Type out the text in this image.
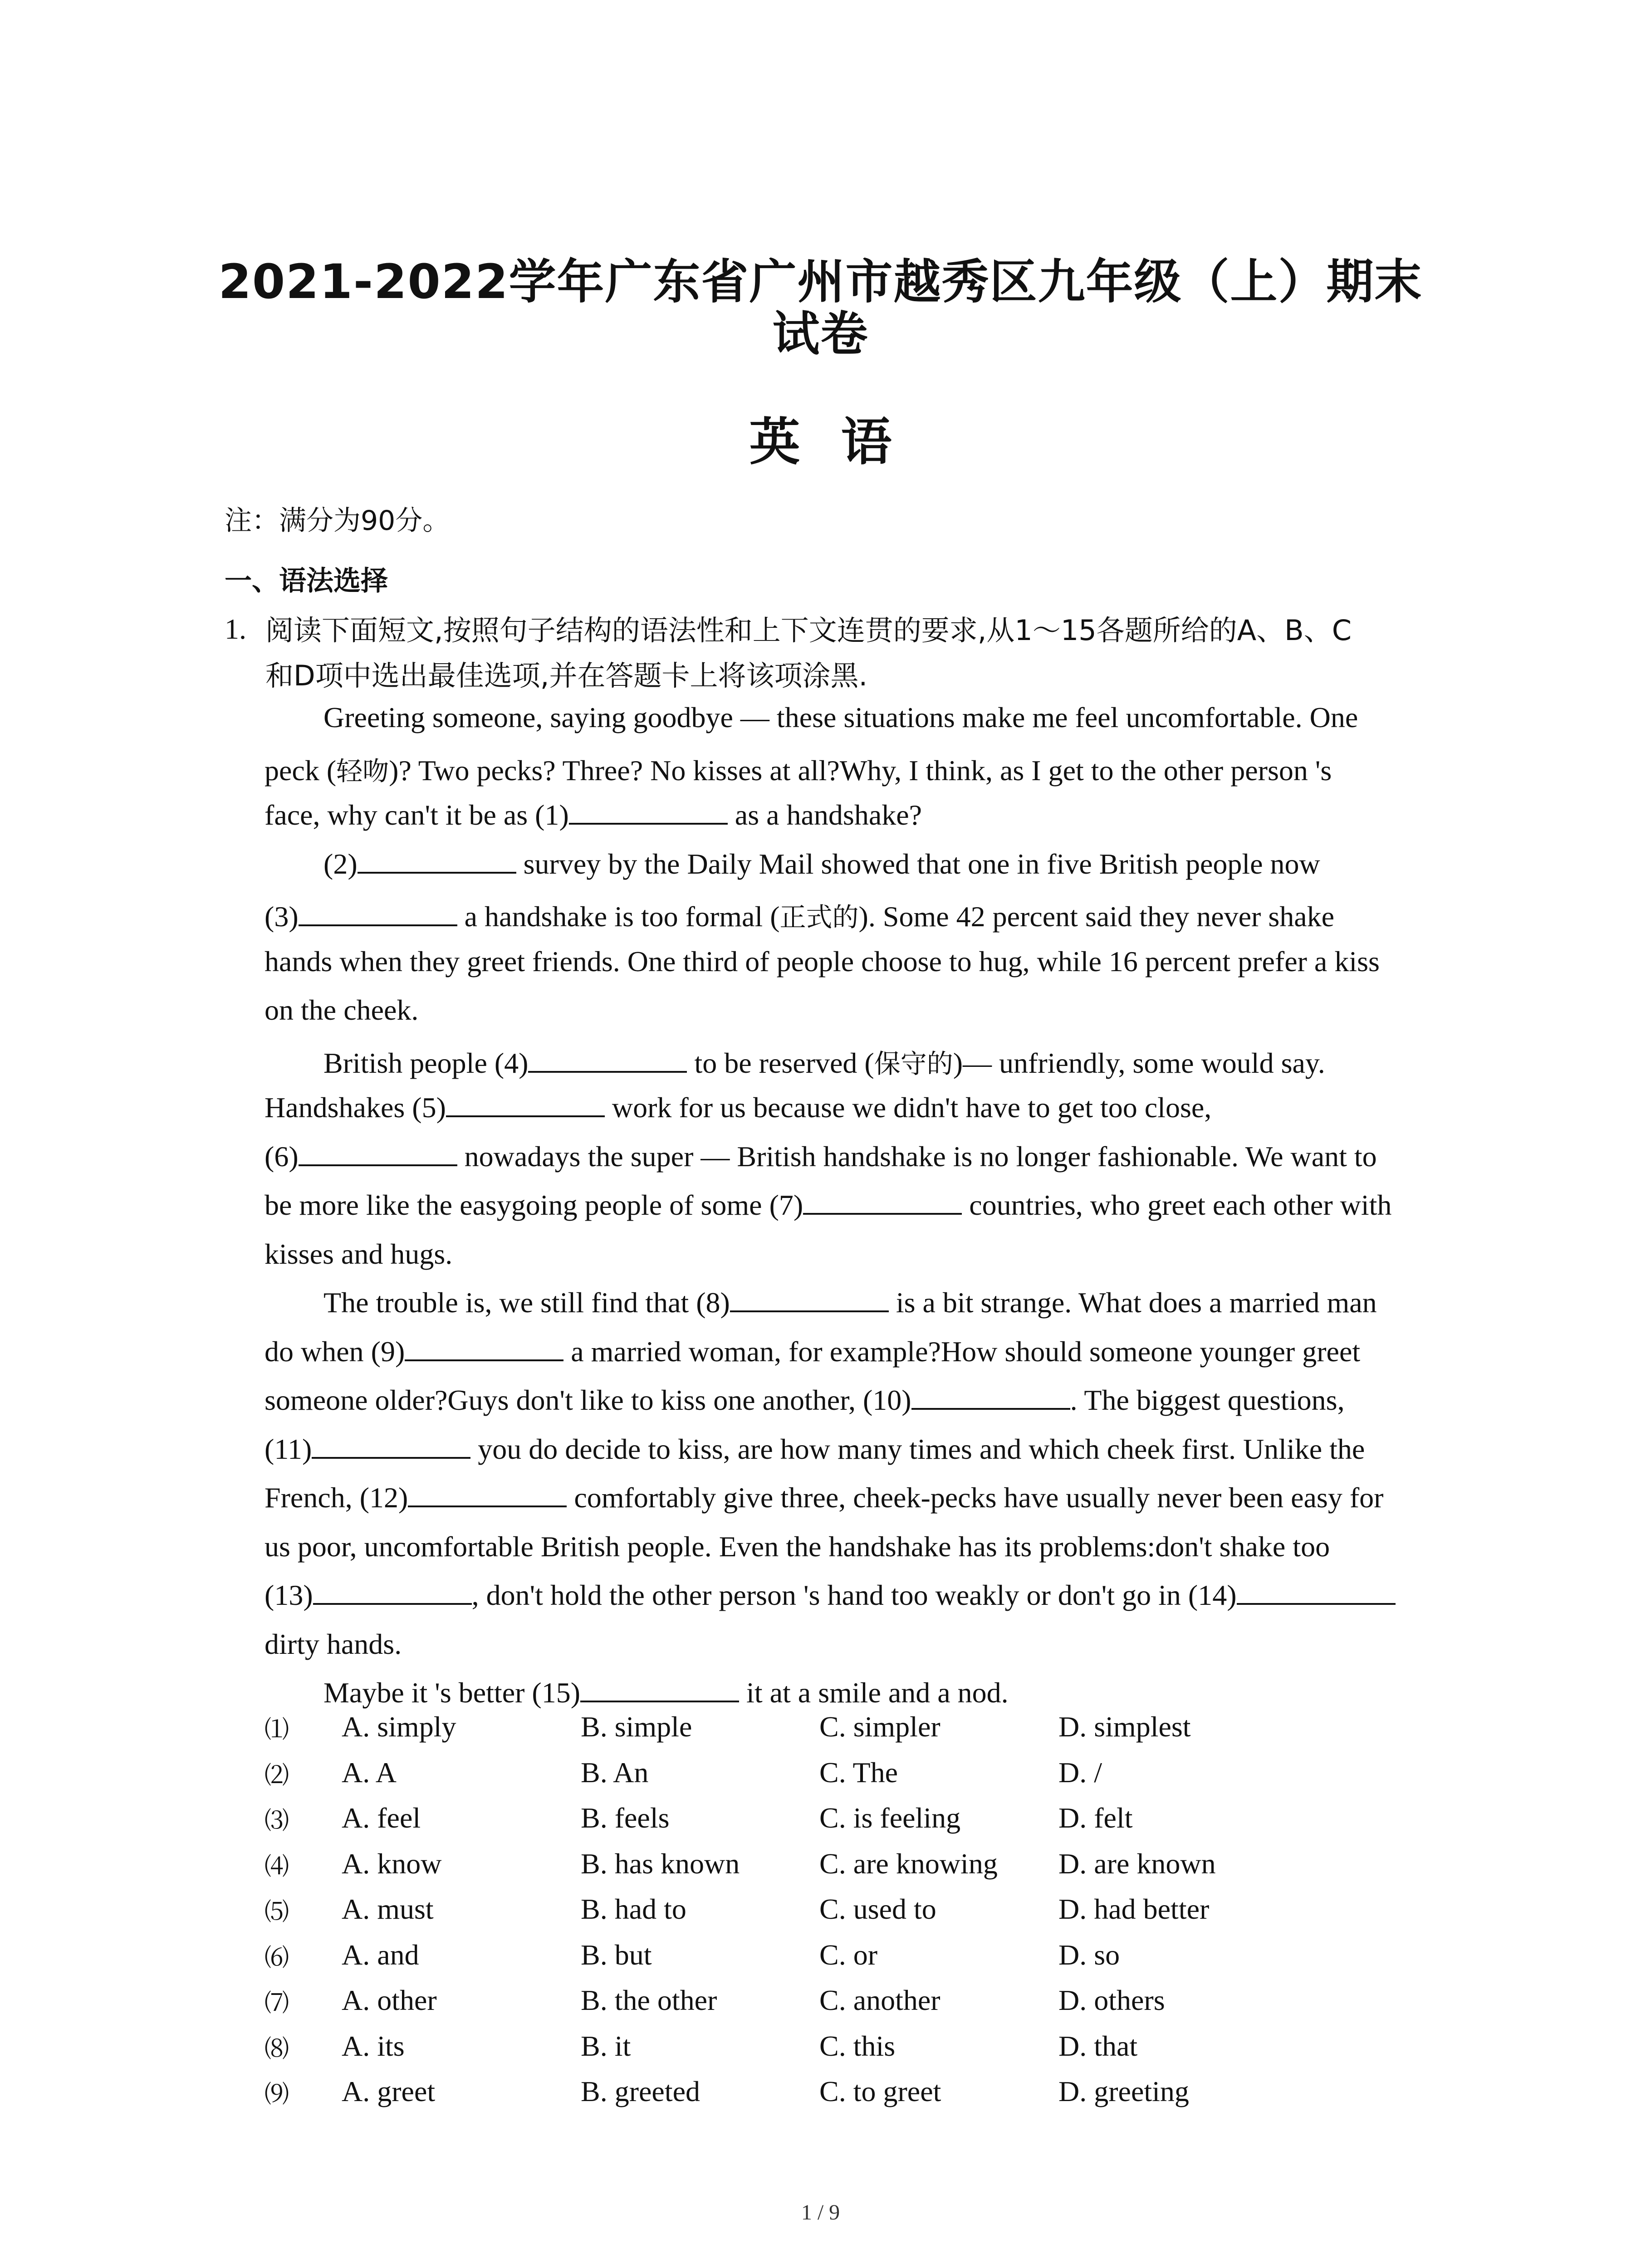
2021-2022学年广东省广州市越秀区九年级（上）期末
试卷
英语
注：满分为90分。
一、语法选择
1. 阅读下面短文,按照句子结构的语法性和上下文连贯的要求,从1～15各题所给的A、B、C
和D项中选出最佳选项,并在答题卡上将该项涂黑.
Greeting someone, saying goodbye — these situations make me feel uncomfortable. One
peck (轻吻)? Two pecks? Three? No kisses at all?Why, I think, as I get to the other person 's
face, why can't it be as (1)	as a handshake?
(2)	survey by the Daily Mail showed that one in five British people now
(3)	a handshake is too formal (正式的). Some 42 percent said they never shake
hands when they greet friends. One third of people choose to hug, while 16 percent prefer a kiss
on the cheek.
British people (4)	to be reserved (保守的)— unfriendly, some would say.
Handshakes (5)	work for us because we didn't have to get too close,
(6)	nowadays the super — British handshake is no longer fashionable. We want to
be more like the easygoing people of some (7)	countries, who greet each other with
kisses and hugs.
The trouble is, we still find that (8)	is a bit strange. What does a married man
do when (9)	a married woman, for example?How should someone younger greet
someone older?Guys don't like to kiss one another, (10)	. The biggest questions,
(11)	you do decide to kiss, are how many times and which cheek first. Unlike the
French, (12)	comfortably give three, cheek-pecks have usually never been easy for
us poor, uncomfortable British people. Even the handshake has its problems:don't shake too
(13)	, don't hold the other person 's hand too weakly or don't go in (14)
dirty hands.
Maybe it 's better (15)	it at a smile and a nod.
⑴ A. simply	B. simple	C. simpler	D. simplest
⑵ A. A	B. An	C. The	D. /
⑶ A. feel	B. feels	C. is feeling	D. felt
⑷ A. know	B. has known	C. are knowing D. are known
⑸ A. must	B. had to	C. used to	D. had better
⑹ A. and	B. but	C. or	D. so
⑺ A. other	B. the other	C. another	D. others
⑻ A. its	B. it	C. this	D. that
⑼ A. greet	B. greeted	C. to greet	D. greeting
1 / 9
